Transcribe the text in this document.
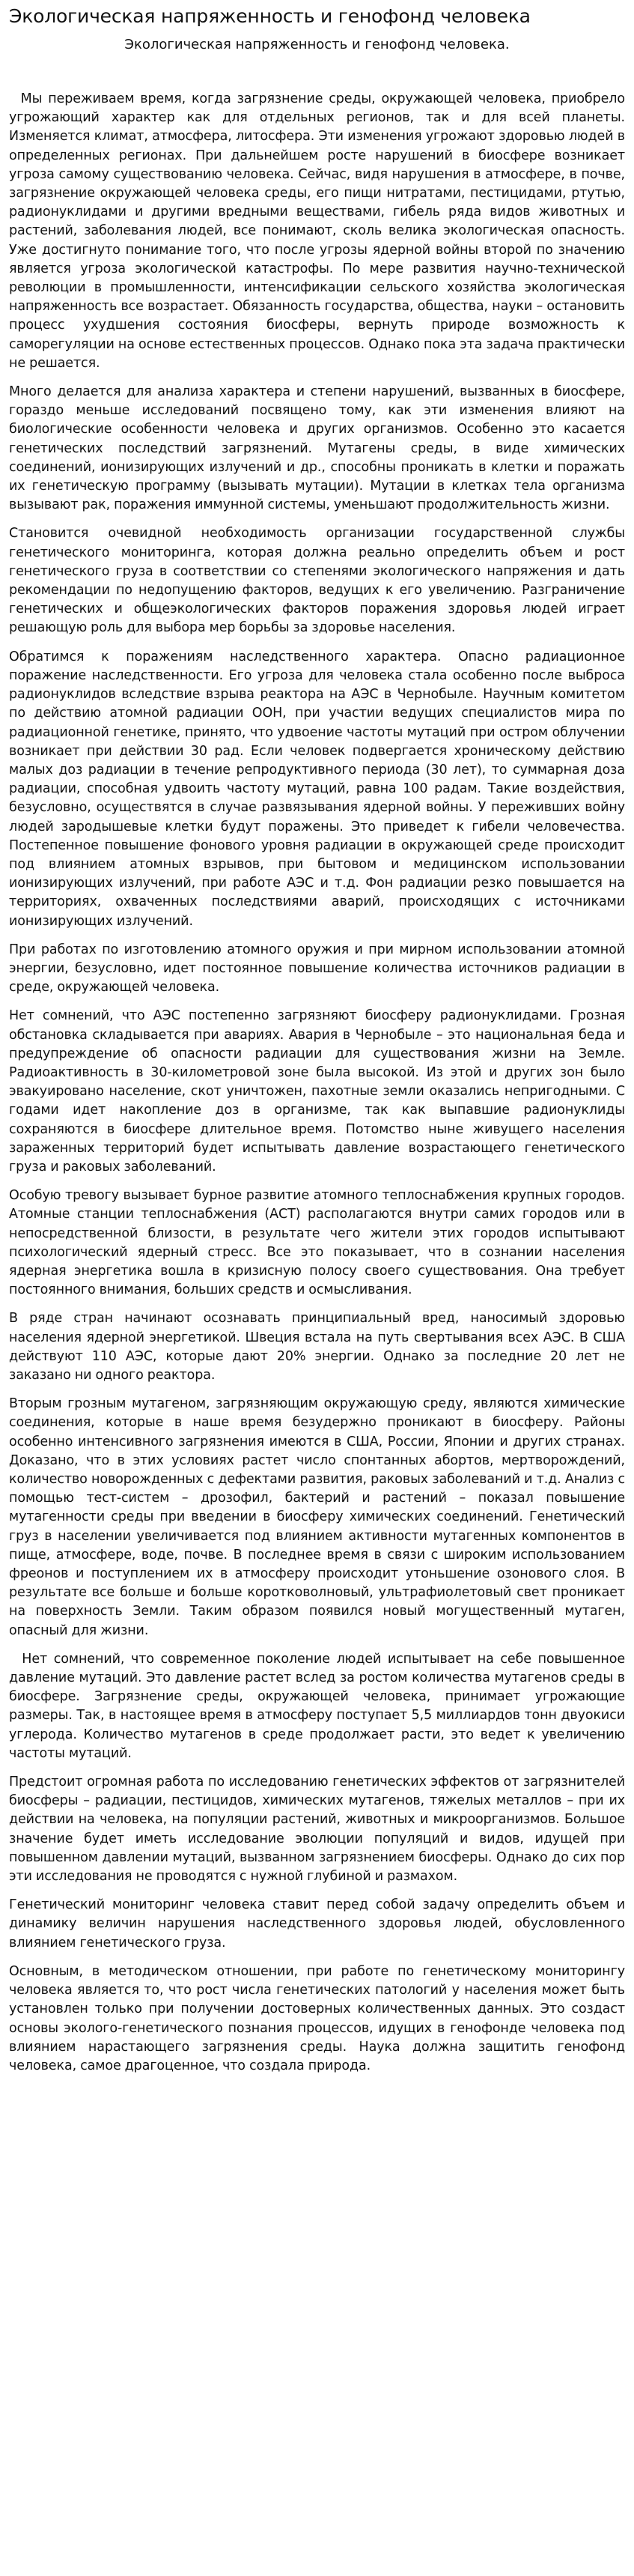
Экологическая напряженность и генофонд человека
Экологическая напряженность и генофонд человека.

Мы переживаем время, когда загрязнение среды, окружающей человека, приобрело угрожающий характер как для отдельных регионов, так и для всей планеты. Изменяется климат, атмосфера, литосфера. Эти изменения угрожают здоровью людей в определенных регионах. При дальнейшем росте нарушений в биосфере возникает угроза самому существованию человека. Сейчас, видя нарушения в атмосфере, в почве, загрязнение окружающей человека среды, его пищи нитратами, пестицидами, ртутью, радионуклидами и другими вредными веществами, гибель ряда видов животных и растений, заболевания людей, все понимают, сколь велика экологическая опасность. Уже достигнуто понимание того, что после угрозы ядерной войны второй по значению является угроза экологической катастрофы. По мере развития научно-технической революции в промышленности, интенсификации сельского хозяйства экологическая напряженность все возрастает. Обязанность государства, общества, науки – остановить процесс ухудшения состояния биосферы, вернуть природе возможность к саморегуляции на основе естественных процессов. Однако пока эта задача практически не решается.

Много делается для анализа характера и степени нарушений, вызванных в биосфере, гораздо меньше исследований посвящено тому, как эти изменения влияют на биологические особенности человека и других организмов. Особенно это касается генетических последствий загрязнений. Мутагены среды, в виде химических соединений, ионизирующих излучений и др., способны проникать в клетки и поражать их генетическую программу (вызывать мутации). Мутации в клетках тела организма вызывают рак, поражения иммунной системы, уменьшают продолжительность жизни.

Становится очевидной необходимость организации государственной службы генетического мониторинга, которая должна реально определить объем и рост генетического груза в соответствии со степенями экологического напряжения и дать рекомендации по недопущению факторов, ведущих к его увеличению. Разграничение генетических и общеэкологических факторов поражения здоровья людей играет решающую роль для выбора мер борьбы за здоровье населения.

Обратимся к поражениям наследственного характера. Опасно радиационное поражение наследственности. Его угроза для человека стала особенно после выброса радионуклидов вследствие взрыва реактора на АЭС в Чернобыле. Научным комитетом по действию атомной радиации ООН, при участии ведущих специалистов мира по радиационной генетике, принято, что удвоение частоты мутаций при остром облучении возникает при действии 30 рад. Если человек подвергается хроническому действию малых доз радиации в течение репродуктивного периода (30 лет), то суммарная доза радиации, способная удвоить частоту мутаций, равна 100 радам. Такие воздействия, безусловно, осуществятся в случае развязывания ядерной войны. У переживших войну людей зародышевые клетки будут поражены. Это приведет к гибели человечества. Постепенное повышение фонового уровня радиации в окружающей среде происходит под влиянием атомных взрывов, при бытовом и медицинском использовании ионизирующих излучений, при работе АЭС и т.д. Фон радиации резко повышается на территориях, охваченных последствиями аварий, происходящих с источниками ионизирующих излучений.

При работах по изготовлению атомного оружия и при мирном использовании атомной энергии, безусловно, идет постоянное повышение количества источников радиации в среде, окружающей человека.

Нет сомнений, что АЭС постепенно загрязняют биосферу радионуклидами. Грозная обстановка складывается при авариях. Авария в Чернобыле – это национальная беда и предупреждение об опасности радиации для существования жизни на Земле. Радиоактивность в 30-километровой зоне была высокой. Из этой и других зон было эвакуировано население, скот уничтожен, пахотные земли оказались непригодными. С годами идет накопление доз в организме, так как выпавшие радионуклиды сохраняются в биосфере длительное время. Потомство ныне живущего населения зараженных территорий будет испытывать давление возрастающего генетического груза и раковых заболеваний.

Особую тревогу вызывает бурное развитие атомного теплоснабжения крупных городов. Атомные станции теплоснабжения (АСТ) располагаются внутри самих городов или в непосредственной близости, в результате чего жители этих городов испытывают психологический ядерный стресс. Все это показывает, что в сознании населения ядерная энергетика вошла в кризисную полосу своего существования. Она требует постоянного внимания, больших средств и осмысливания.

В ряде стран начинают осознавать принципиальный вред, наносимый здоровью населения ядерной энергетикой. Швеция встала на путь свертывания всех АЭС. В США действуют 110 АЭС, которые дают 20% энергии. Однако за последние 20 лет не заказано ни одного реактора.

Вторым грозным мутагеном, загрязняющим окружающую среду, являются химические соединения, которые в наше время безудержно проникают в биосферу. Районы особенно интенсивного загрязнения имеются в США, России, Японии и других странах. Доказано, что в этих условиях растет число спонтанных абортов, мертворождений, количество новорожденных с дефектами развития, раковых заболеваний и т.д. Анализ с помощью тест-систем – дрозофил, бактерий и растений – показал повышение мутагенности среды при введении в биосферу химических соединений. Генетический груз в населении увеличивается под влиянием активности мутагенных компонентов в пище, атмосфере, воде, почве. В последнее время в связи с широким использованием фреонов и поступлением их в атмосферу происходит утоньшение озонового слоя. В результате все больше и больше коротковолновый, ультрафиолетовый свет проникает на поверхность Земли. Таким образом появился новый могущественный мутаген, опасный для жизни.

Нет сомнений, что современное поколение людей испытывает на себе повышенное давление мутаций. Это давление растет вслед за ростом количества мутагенов среды в биосфере. Загрязнение среды, окружающей человека, принимает угрожающие размеры. Так, в настоящее время в атмосферу поступает 5,5 миллиардов тонн двуокиси углерода. Количество мутагенов в среде продолжает расти, это ведет к увеличению частоты мутаций.

Предстоит огромная работа по исследованию генетических эффектов от загрязнителей биосферы – радиации, пестицидов, химических мутагенов, тяжелых металлов – при их действии на человека, на популяции растений, животных и микроорганизмов. Большое значение будет иметь исследование эволюции популяций и видов, идущей при повышенном давлении мутаций, вызванном загрязнением биосферы. Однако до сих пор эти исследования не проводятся с нужной глубиной и размахом.

Генетический мониторинг человека ставит перед собой задачу определить объем и динамику величин нарушения наследственного здоровья людей, обусловленного влиянием генетического груза.

Основным, в методическом отношении, при работе по генетическому мониторингу человека является то, что рост числа генетических патологий у населения может быть установлен только при получении достоверных количественных данных. Это создаст основы эколого-генетического познания процессов, идущих в генофонде человека под влиянием нарастающего загрязнения среды. Наука должна защитить генофонд человека, самое драгоценное, что создала природа.
